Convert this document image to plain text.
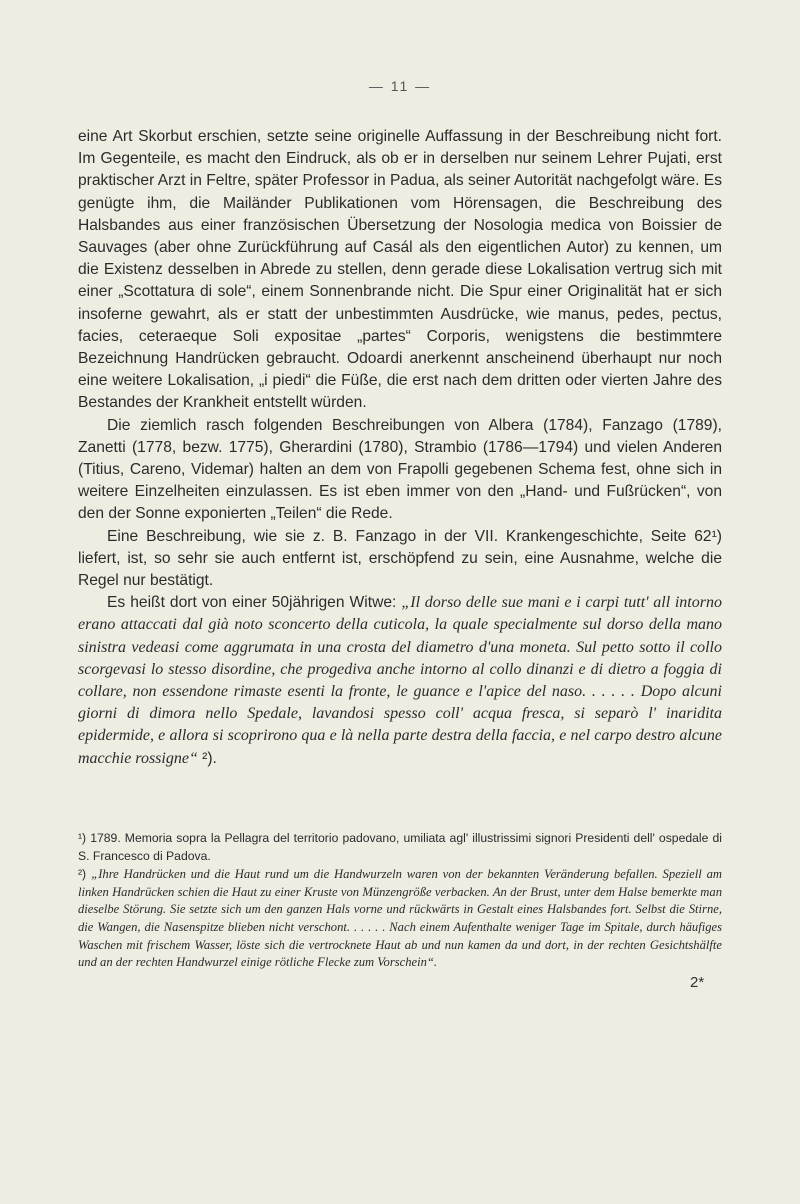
— 11 —

eine Art Skorbut erschien, setzte seine originelle Auffassung in der Beschreibung nicht fort. Im Gegenteile, es macht den Eindruck, als ob er in derselben nur seinem Lehrer Pujati, erst praktischer Arzt in Feltre, später Professor in Padua, als seiner Autorität nachgefolgt wäre. Es genügte ihm, die Mailänder Publikationen vom Hörensagen, die Beschreibung des Halsbandes aus einer französischen Übersetzung der Nosologia medica von Boissier de Sauvages (aber ohne Zurückführung auf Casál als den eigentlichen Autor) zu kennen, um die Existenz desselben in Abrede zu stellen, denn gerade diese Lokalisation vertrug sich mit einer „Scottatura di sole“, einem Sonnenbrande nicht. Die Spur einer Originalität hat er sich insoferne gewahrt, als er statt der unbestimmten Ausdrücke, wie manus, pedes, pectus, facies, ceteraeque Soli expositae „partes“ Corporis, wenigstens die bestimmtere Bezeichnung Handrücken gebraucht. Odoardi anerkennt anscheinend überhaupt nur noch eine weitere Lokalisation, „i piedi“ die Füße, die erst nach dem dritten oder vierten Jahre des Bestandes der Krankheit entstellt würden.

Die ziemlich rasch folgenden Beschreibungen von Albera (1784), Fanzago (1789), Zanetti (1778, bezw. 1775), Gherardini (1780), Strambio (1786—1794) und vielen Anderen (Titius, Careno, Videmar) halten an dem von Frapolli gegebenen Schema fest, ohne sich in weitere Einzelheiten einzulassen. Es ist eben immer von den „Hand- und Fußrücken“, von den der Sonne exponierten „Teilen“ die Rede.

Eine Beschreibung, wie sie z. B. Fanzago in der VII. Krankengeschichte, Seite 62¹) liefert, ist, so sehr sie auch entfernt ist, erschöpfend zu sein, eine Ausnahme, welche die Regel nur bestätigt.

Es heißt dort von einer 50jährigen Witwe: „Il dorso delle sue mani e i carpi tutt' all intorno erano attaccati dal già noto sconcerto della cuticola, la quale specialmente sul dorso della mano sinistra vedeasi come aggrumata in una crosta del diametro d'una moneta. Sul petto sotto il collo scorgevasi lo stesso disordine, che progediva anche intorno al collo dinanzi e di dietro a foggia di collare, non essendone rimaste esenti la fronte, le guance e l'apice del naso. . . . . . Dopo alcuni giorni di dimora nello Spedale, lavandosi spesso coll' acqua fresca, si separò l' inaridita epidermide, e allora si scoprirono qua e là nella parte destra della faccia, e nel carpo destro alcune macchie rossigne“ ²).

¹) 1789. Memoria sopra la Pellagra del territorio padovano, umiliata agl' illustrissimi signori Presidenti dell' ospedale di S. Francesco di Padova.

²) „Ihre Handrücken und die Haut rund um die Handwurzeln waren von der bekannten Veränderung befallen. Speziell am linken Handrücken schien die Haut zu einer Kruste von Münzengröße verbacken. An der Brust, unter dem Halse bemerkte man dieselbe Störung. Sie setzte sich um den ganzen Hals vorne und rückwärts in Gestalt eines Halsbandes fort. Selbst die Stirne, die Wangen, die Nasenspitze blieben nicht verschont. . . . . . Nach einem Aufenthalte weniger Tage im Spitale, durch häufiges Waschen mit frischem Wasser, löste sich die vertrocknete Haut ab und nun kamen da und dort, in der rechten Gesichtshälfte und an der rechten Handwurzel einige rötliche Flecke zum Vorschein“.

2*
